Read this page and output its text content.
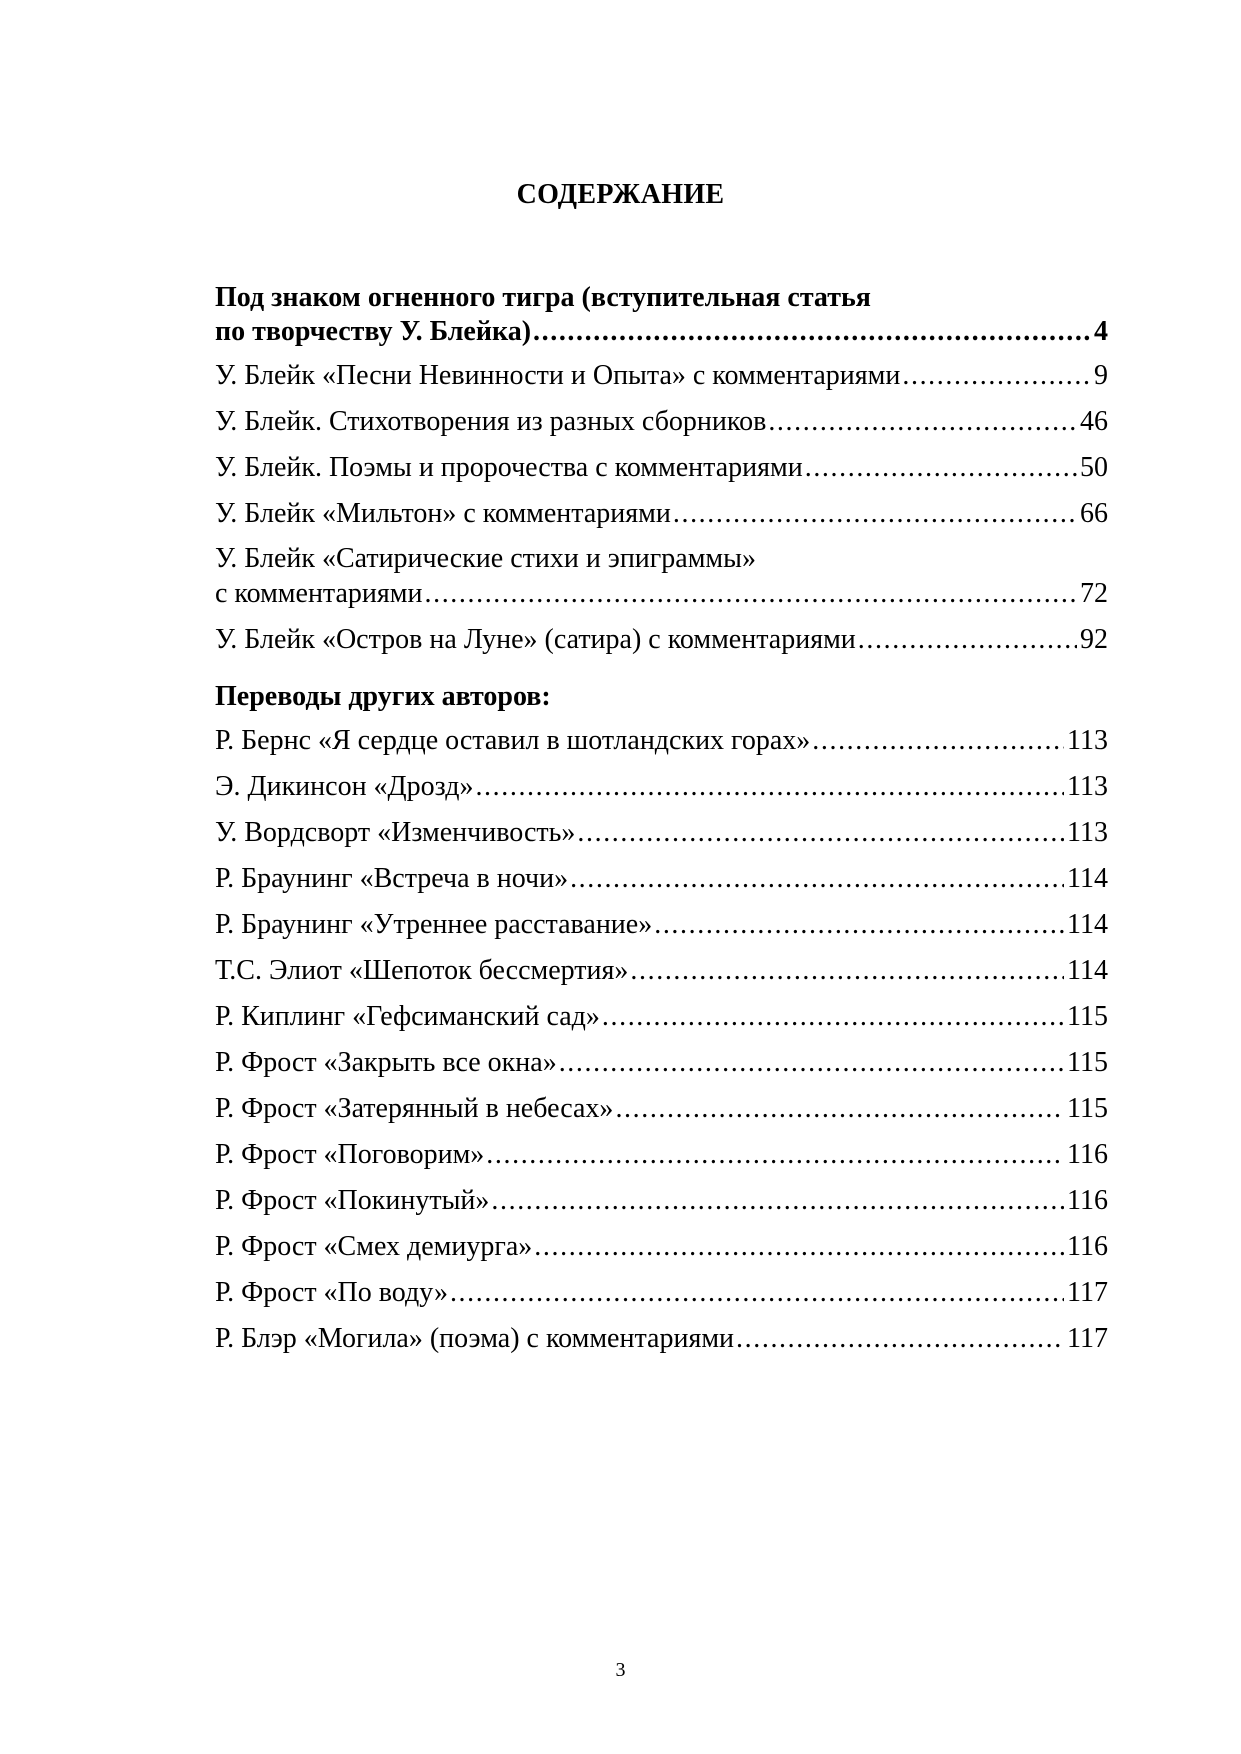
СОДЕРЖАНИЕ
Под знаком огненного тигра (вступительная статья
по творчеству У. Блейка) .....	4
У. Блейк «Песни Невинности и Опыта» с комментариями .....	9
У. Блейк. Стихотворения из разных сборников .....	46
У. Блейк. Поэмы и пророчества с комментариями .....	50
У. Блейк «Мильтон» с комментариями .....	66
У. Блейк «Сатирические стихи и эпиграммы»
с комментариями .....	72
У. Блейк «Остров на Луне» (сатира) с комментариями .....	92
Переводы других авторов:
Р. Бернс «Я сердце оставил в шотландских горах» .....	113
Э. Дикинсон «Дрозд» .....	113
У. Вордсворт «Изменчивость» .....	113
Р. Браунинг «Встреча в ночи» .....	114
Р. Браунинг «Утреннее расставание» .....	114
Т.С. Элиот «Шепоток бессмертия» .....	114
Р. Киплинг «Гефсиманский сад» .....	115
Р. Фрост «Закрыть все окна» .....	115
Р. Фрост «Затерянный в небесах» .....	115
Р. Фрост «Поговорим» .....	116
Р. Фрост «Покинутый» .....	116
Р. Фрост «Смех демиурга» .....	116
Р. Фрост «По воду» .....	117
Р. Блэр «Могила» (поэма) с комментариями .....	117
3
